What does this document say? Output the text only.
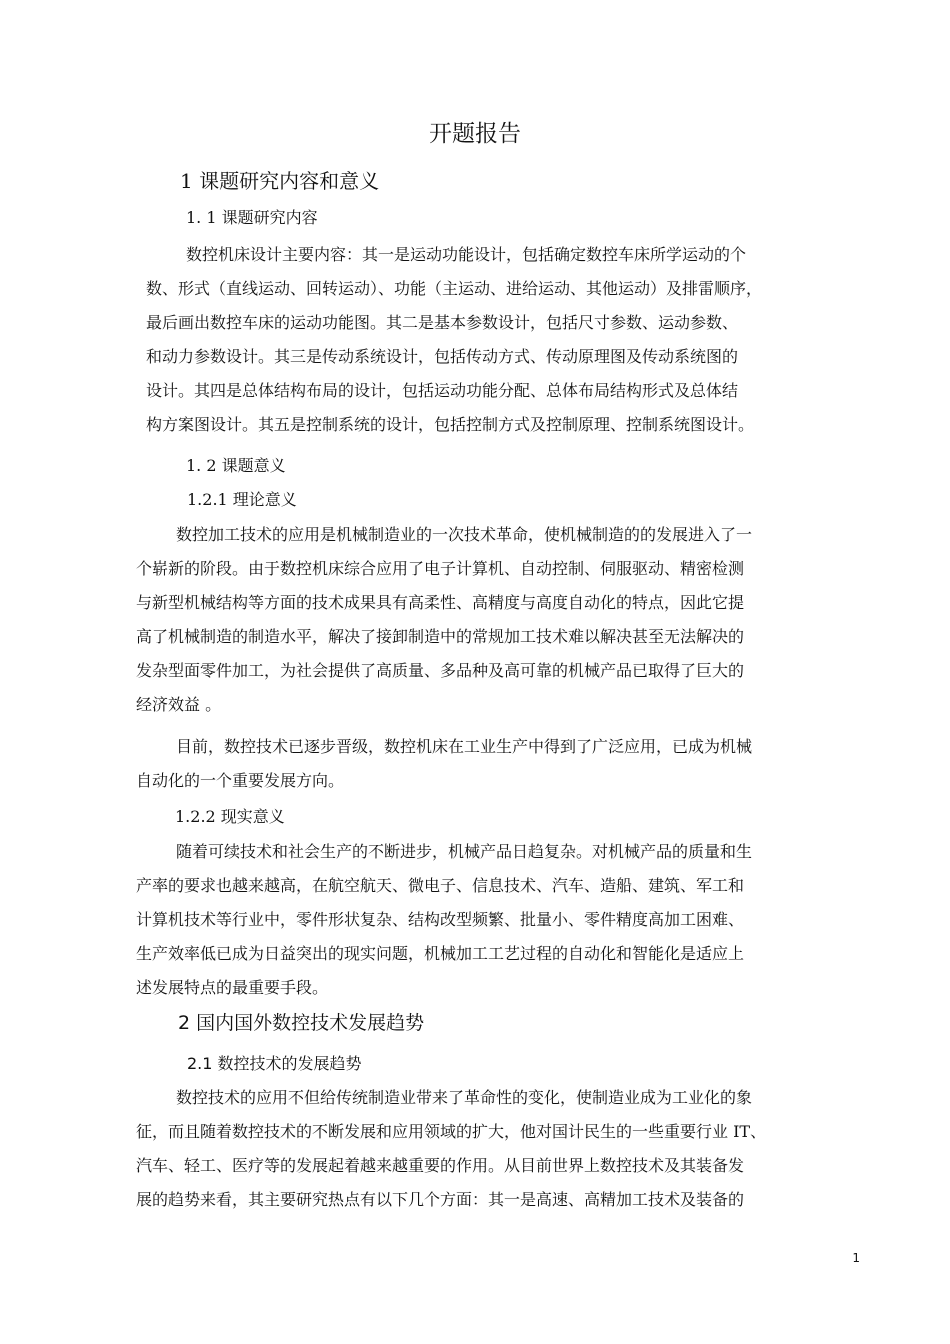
开题报告
1 课题研究内容和意义
1. 1 课题研究内容
数控机床设计主要内容：其一是运动功能设计，包括确定数控车床所学运动的个
数、形式（直线运动、回转运动）、功能（主运动、进给运动、其他运动）及排雷顺序，
最后画出数控车床的运动功能图。其二是基本参数设计，包括尺寸参数、运动参数、
和动力参数设计。其三是传动系统设计，包括传动方式、传动原理图及传动系统图的
设计。其四是总体结构布局的设计，包括运动功能分配、总体布局结构形式及总体结
构方案图设计。其五是控制系统的设计，包括控制方式及控制原理、控制系统图设计。
1. 2 课题意义
1.2.1 理论意义
数控加工技术的应用是机械制造业的一次技术革命，使机械制造的的发展进入了一
个崭新的阶段。由于数控机床综合应用了电子计算机、自动控制、伺服驱动、精密检测
与新型机械结构等方面的技术成果具有高柔性、高精度与高度自动化的特点，因此它提
高了机械制造的制造水平，解决了接卸制造中的常规加工技术难以解决甚至无法解决的
发杂型面零件加工，为社会提供了高质量、多品种及高可靠的机械产品已取得了巨大的
经济效益 。
目前，数控技术已逐步晋级，数控机床在工业生产中得到了广泛应用，已成为机械
自动化的一个重要发展方向。
1.2.2 现实意义
随着可续技术和社会生产的不断进步，机械产品日趋复杂。对机械产品的质量和生
产率的要求也越来越高，在航空航天、微电子、信息技术、汽车、造船、建筑、军工和
计算机技术等行业中，零件形状复杂、结构改型频繁、批量小、零件精度高加工困难、
生产效率低已成为日益突出的现实问题，机械加工工艺过程的自动化和智能化是适应上
述发展特点的最重要手段。
2 国内国外数控技术发展趋势
2.1 数控技术的发展趋势
数控技术的应用不但给传统制造业带来了革命性的变化，使制造业成为工业化的象
征，而且随着数控技术的不断发展和应用领域的扩大，他对国计民生的一些重要行业 IT、
汽车、轻工、医疗等的发展起着越来越重要的作用。从目前世界上数控技术及其装备发
展的趋势来看，其主要研究热点有以下几个方面：其一是高速、高精加工技术及装备的
1
